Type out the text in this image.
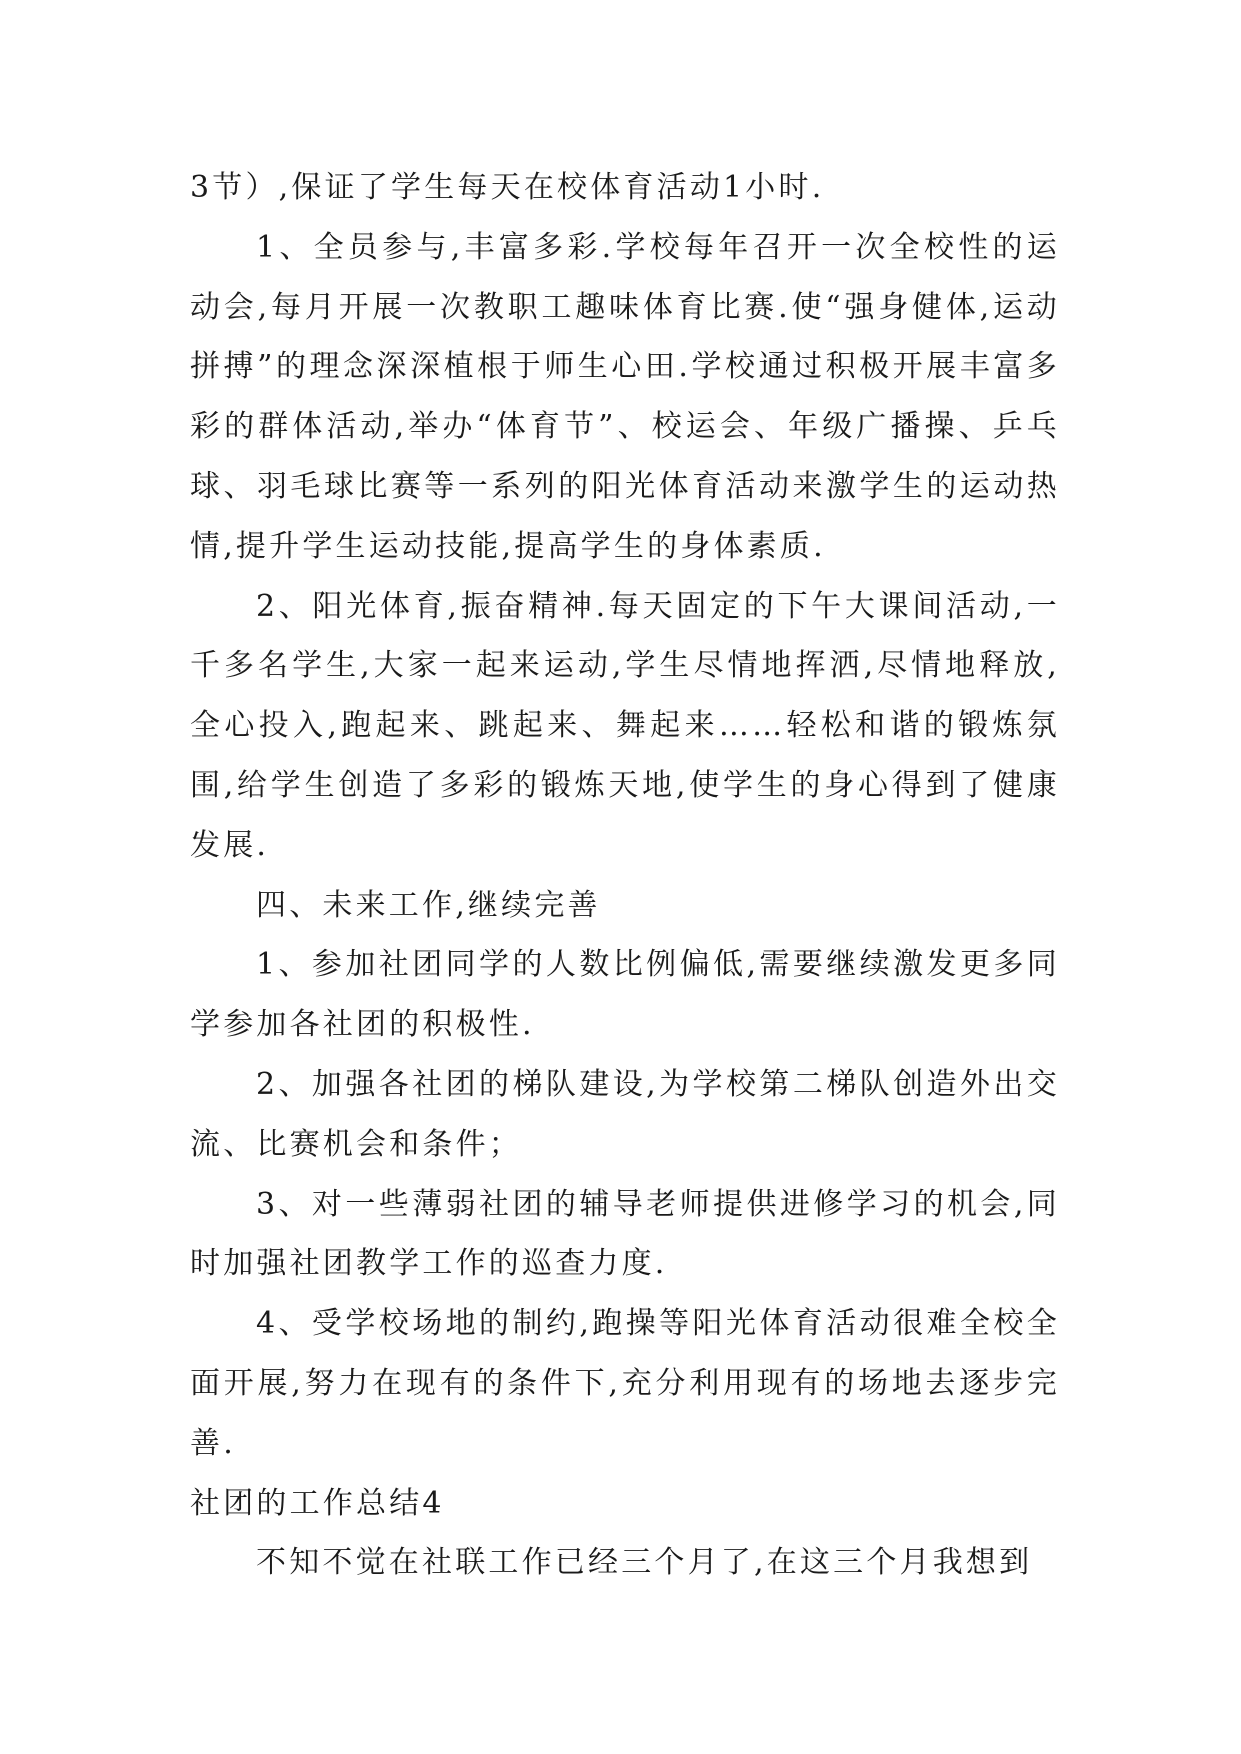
3节）,保证了学生每天在校体育活动1小时.

1、全员参与,丰富多彩.学校每年召开一次全校性的运动会,每月开展一次教职工趣味体育比赛.使“强身健体,运动拼搏”的理念深深植根于师生心田.学校通过积极开展丰富多彩的群体活动,举办“体育节”、校运会、年级广播操、乒乓球、羽毛球比赛等一系列的阳光体育活动来激学生的运动热情,提升学生运动技能,提高学生的身体素质.

2、阳光体育,振奋精神.每天固定的下午大课间活动,一千多名学生,大家一起来运动,学生尽情地挥洒,尽情地释放,全心投入,跑起来、跳起来、舞起来……轻松和谐的锻炼氛围,给学生创造了多彩的锻炼天地,使学生的身心得到了健康发展.

四、未来工作,继续完善

1、参加社团同学的人数比例偏低,需要继续激发更多同学参加各社团的积极性.

2、加强各社团的梯队建设,为学校第二梯队创造外出交流、比赛机会和条件；

3、对一些薄弱社团的辅导老师提供进修学习的机会,同时加强社团教学工作的巡查力度.

4、受学校场地的制约,跑操等阳光体育活动很难全校全面开展,努力在现有的条件下,充分利用现有的场地去逐步完善.

社团的工作总结4

不知不觉在社联工作已经三个月了,在这三个月我想到
